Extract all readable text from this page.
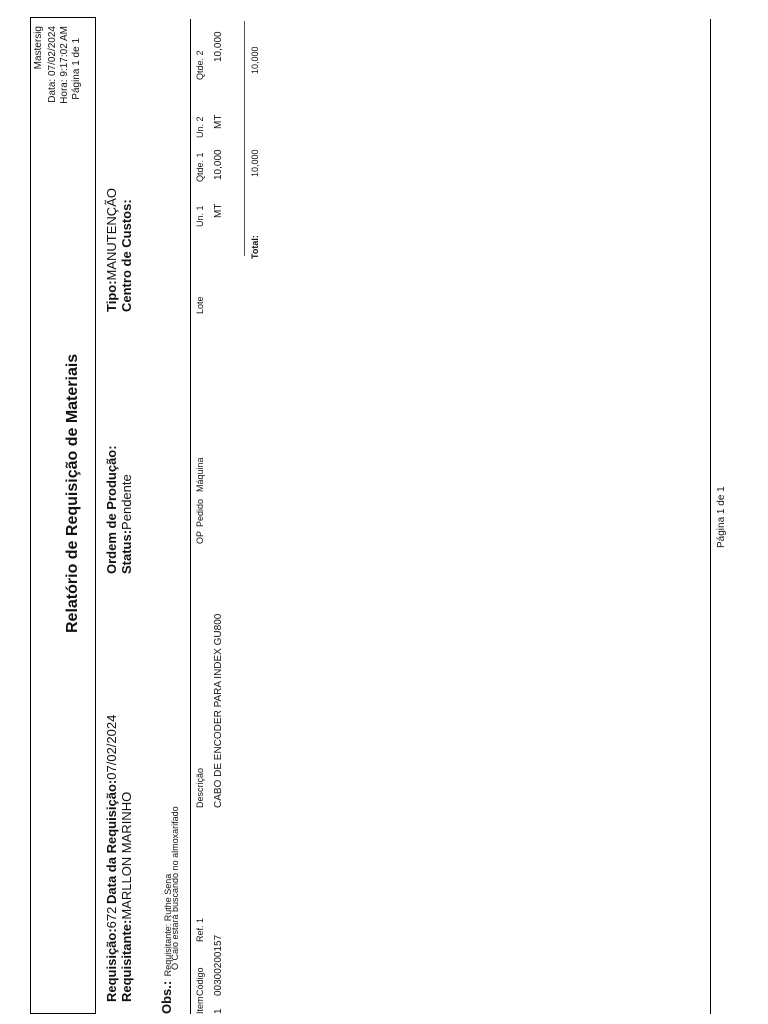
Relatório de Requisição de Materiais
Mastersig Data: 07/02/2024 Hora: 9:17:02 AM Página 1 de 1
Requisição:672
Data da Requisição:07/02/2024
Ordem de Produção:
Tipo:MANUTENÇÃO
Requisitante:MARLLON MARINHO
Status:Pendente
Centro de Custos:
Obs.: Requisitante: Ruthe Sena
O Caio estará buscando no almoxarifado
Item
Código
Ref. 1
Descrição
OP
Pedido
Máquina
Lote
Un. 1
Qtde. 1
Un. 2
Qtde. 2
1
00300200157
CABO DE ENCODER PARA INDEX GU800
MT
10,000
MT
10,000
Total:
10,000
10,000
Página 1 de 1
